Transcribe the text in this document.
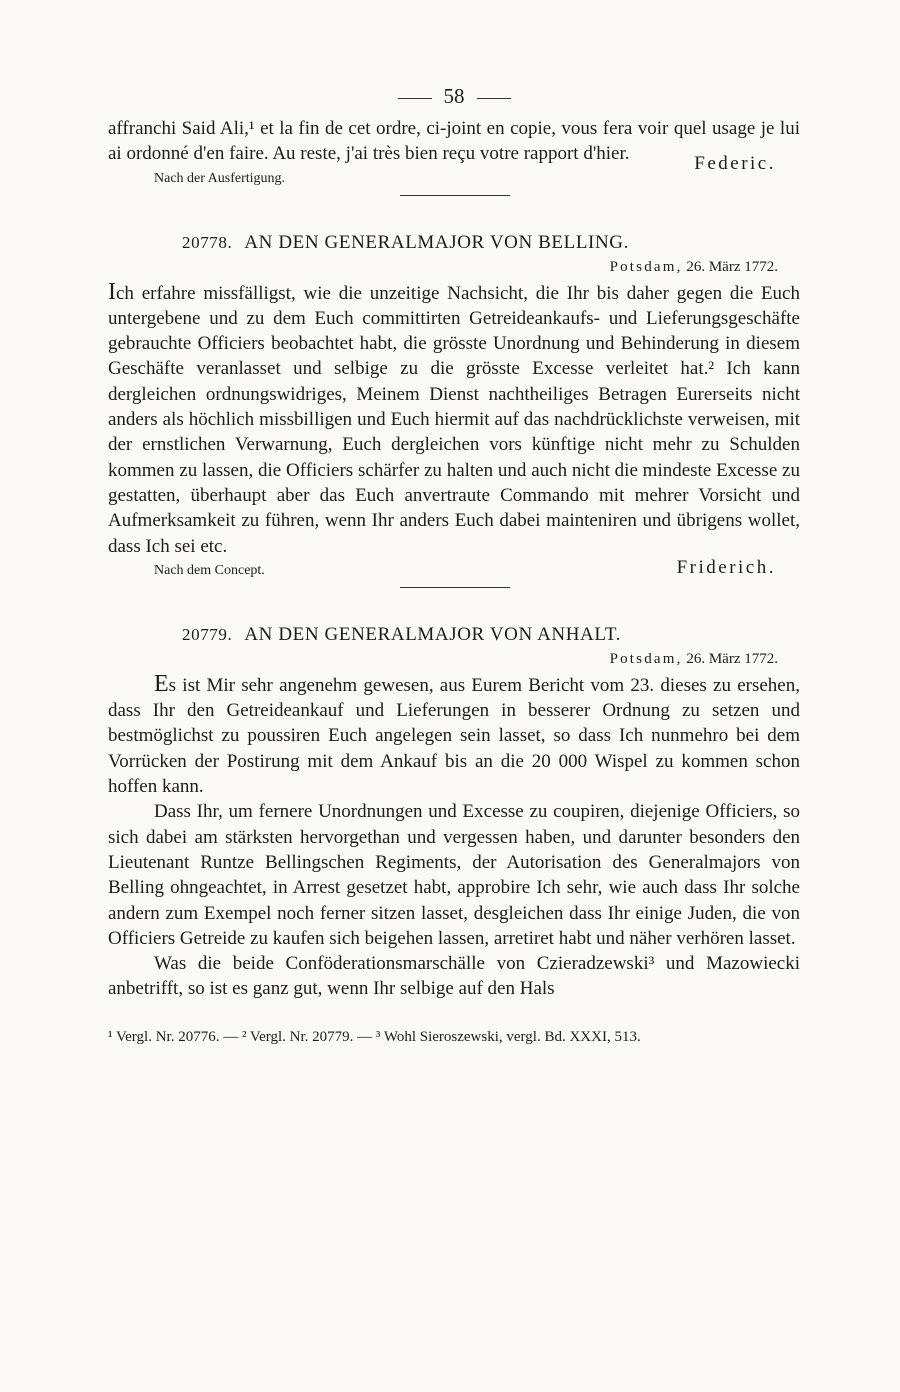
58

affranchi Said Ali,¹ et la fin de cet ordre, ci-joint en copie, vous fera voir quel usage je lui ai ordonné d'en faire. Au reste, j'ai très bien reçu votre rapport d'hier.

Nach der Ausfertigung.
Federic.
20778. AN DEN GENERALMAJOR VON BELLING.
Potsdam, 26. März 1772.

Ich erfahre missfälligst, wie die unzeitige Nachsicht, die Ihr bis daher gegen die Euch untergebene und zu dem Euch committirten Getreideankaufs- und Lieferungsgeschäfte gebrauchte Officiers beobachtet habt, die grösste Unordnung und Behinderung in diesem Geschäfte veranlasset und selbige zu die grösste Excesse verleitet hat.² Ich kann dergleichen ordnungswidriges, Meinem Dienst nachtheiliges Betragen Eurerseits nicht anders als höchlich missbilligen und Euch hiermit auf das nachdrücklichste verweisen, mit der ernstlichen Verwarnung, Euch dergleichen vors künftige nicht mehr zu Schulden kommen zu lassen, die Officiers schärfer zu halten und auch nicht die mindeste Excesse zu gestatten, überhaupt aber das Euch anvertraute Commando mit mehrer Vorsicht und Aufmerksamkeit zu führen, wenn Ihr anders Euch dabei mainteniren und übrigens wollet, dass Ich sei etc.

Nach dem Concept.	Friderich.
20779. AN DEN GENERALMAJOR VON ANHALT.
Potsdam, 26. März 1772.

Es ist Mir sehr angenehm gewesen, aus Eurem Bericht vom 23. dieses zu ersehen, dass Ihr den Getreideankauf und Lieferungen in besserer Ordnung zu setzen und bestmöglichst zu poussiren Euch angelegen sein lasset, so dass Ich nunmehro bei dem Vorrücken der Postirung mit dem Ankauf bis an die 20 000 Wispel zu kommen schon hoffen kann.

Dass Ihr, um fernere Unordnungen und Excesse zu coupiren, diejenige Officiers, so sich dabei am stärksten hervorgethan und vergessen haben, und darunter besonders den Lieutenant Runtze Bellingschen Regiments, der Autorisation des Generalmajors von Belling ohngeachtet, in Arrest gesetzet habt, approbire Ich sehr, wie auch dass Ihr solche andern zum Exempel noch ferner sitzen lasset, desgleichen dass Ihr einige Juden, die von Officiers Getreide zu kaufen sich beigehen lassen, arretiret habt und näher verhören lasset.

Was die beide Conföderationsmarschälle von Czieradzewski³ und Mazowiecki anbetrifft, so ist es ganz gut, wenn Ihr selbige auf den Hals

¹ Vergl. Nr. 20776. — ² Vergl. Nr. 20779. — ³ Wohl Sieroszewski, vergl. Bd. XXXI, 513.
